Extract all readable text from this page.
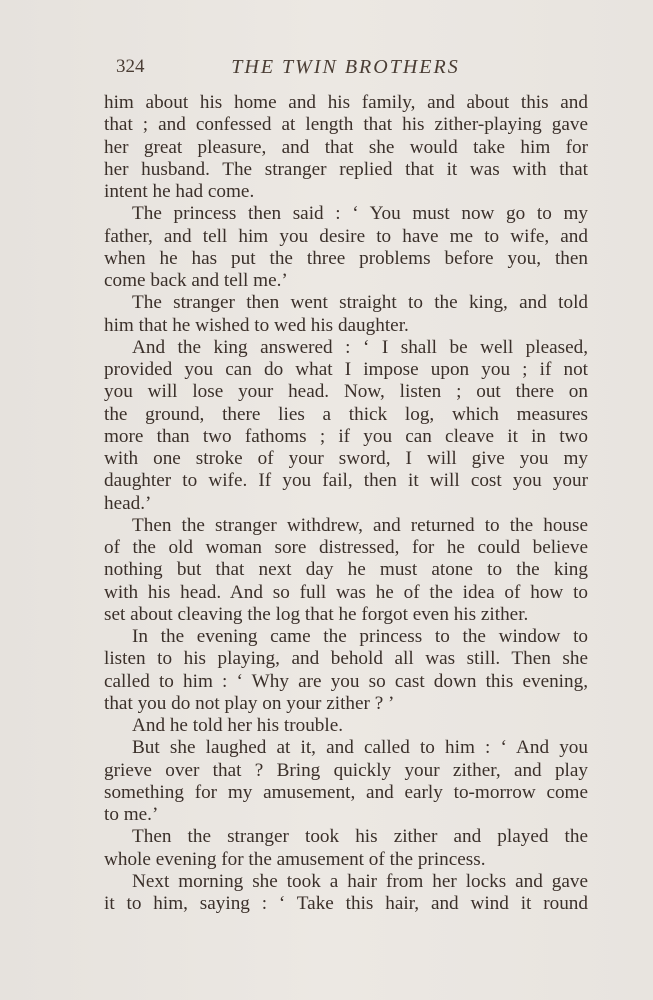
324	THE TWIN BROTHERS
him about his home and his family, and about this and
that ; and confessed at length that his zither-playing gave
her great pleasure, and that she would take him for
her husband. The stranger replied that it was with that
intent he had come.
The princess then said : ‘ You must now go to my
father, and tell him you desire to have me to wife, and
when he has put the three problems before you, then
come back and tell me.’
The stranger then went straight to the king, and told
him that he wished to wed his daughter.
And the king answered : ‘ I shall be well pleased,
provided you can do what I impose upon you ; if not
you will lose your head. Now, listen ; out there on
the ground, there lies a thick log, which measures
more than two fathoms ; if you can cleave it in two
with one stroke of your sword, I will give you my
daughter to wife. If you fail, then it will cost you your
head.’
Then the stranger withdrew, and returned to the house
of the old woman sore distressed, for he could believe
nothing but that next day he must atone to the king
with his head. And so full was he of the idea of how to
set about cleaving the log that he forgot even his zither.
In the evening came the princess to the window to
listen to his playing, and behold all was still. Then she
called to him : ‘ Why are you so cast down this evening,
that you do not play on your zither ? ’
And he told her his trouble.
But she laughed at it, and called to him : ‘ And you
grieve over that ? Bring quickly your zither, and play
something for my amusement, and early to-morrow come
to me.’
Then the stranger took his zither and played the
whole evening for the amusement of the princess.
Next morning she took a hair from her locks and gave
it to him, saying : ‘ Take this hair, and wind it round
